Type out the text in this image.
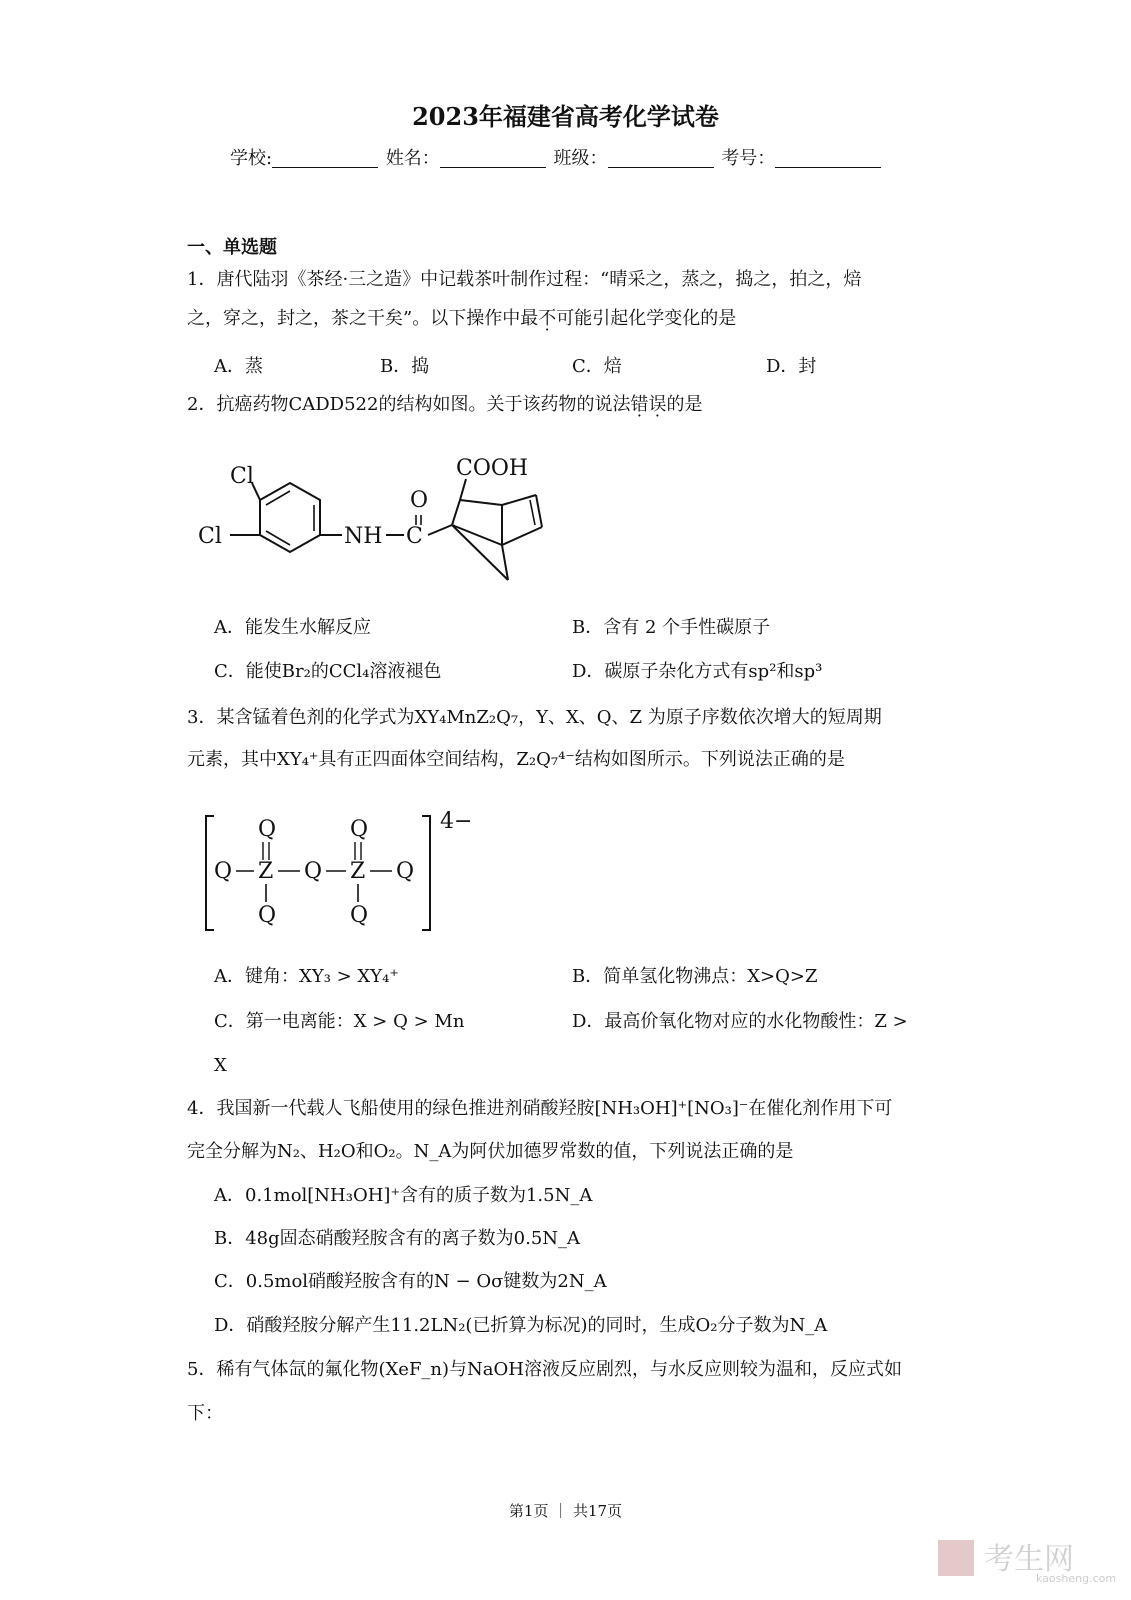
2023年福建省高考化学试卷
学校:	姓名：	班级：	考号：
一、单选题
1．唐代陆羽《茶经·三之造》中记载茶叶制作过程：“晴采之，蒸之，捣之，拍之，焙
之，穿之，封之，茶之干矣”。以下操作中最不可能引起化学变化的是
A．蒸	B．捣	C．焙	D．封
2．抗癌药物CADD522的结构如图。关于该药物的说法错误的是
Cl
Cl	NH C
O
COOH
A．能发生水解反应	B．含有 2 个手性碳原子
C．能使Br₂的CCl₄溶液褪色	D．碳原子杂化方式有sp²和sp³
3．某含锰着色剂的化学式为XY₄MnZ₂Q₇，Y、X、Q、Z 为原子序数依次增大的短周期
元素，其中XY₄⁺具有正四面体空间结构，Z₂Q₇⁴⁻结构如图所示。下列说法正确的是
4−
Q Z
Q
Q
Q Z
Q
Q
Q
A．键角：XY₃ > XY₄⁺	B．简单氢化物沸点：X>Q>Z
C．第一电离能：X > Q > Mn	D．最高价氧化物对应的水化物酸性：Z >
X
4．我国新一代载人飞船使用的绿色推进剂硝酸羟胺[NH₃OH]⁺[NO₃]⁻在催化剂作用下可
完全分解为N₂、H₂O和O₂。N_A为阿伏加德罗常数的值，下列说法正确的是
A．0.1mol[NH₃OH]⁺含有的质子数为1.5N_A
B．48g固态硝酸羟胺含有的离子数为0.5N_A
C．0.5mol硝酸羟胺含有的N − Oσ键数为2N_A
D．硝酸羟胺分解产生11.2LN₂(已折算为标况)的同时，生成O₂分子数为N_A
5．稀有气体氙的氟化物(XeF_n)与NaOH溶液反应剧烈，与水反应则较为温和，反应式如
下：
第1页 ｜ 共17页
考生网
kaosheng.com
